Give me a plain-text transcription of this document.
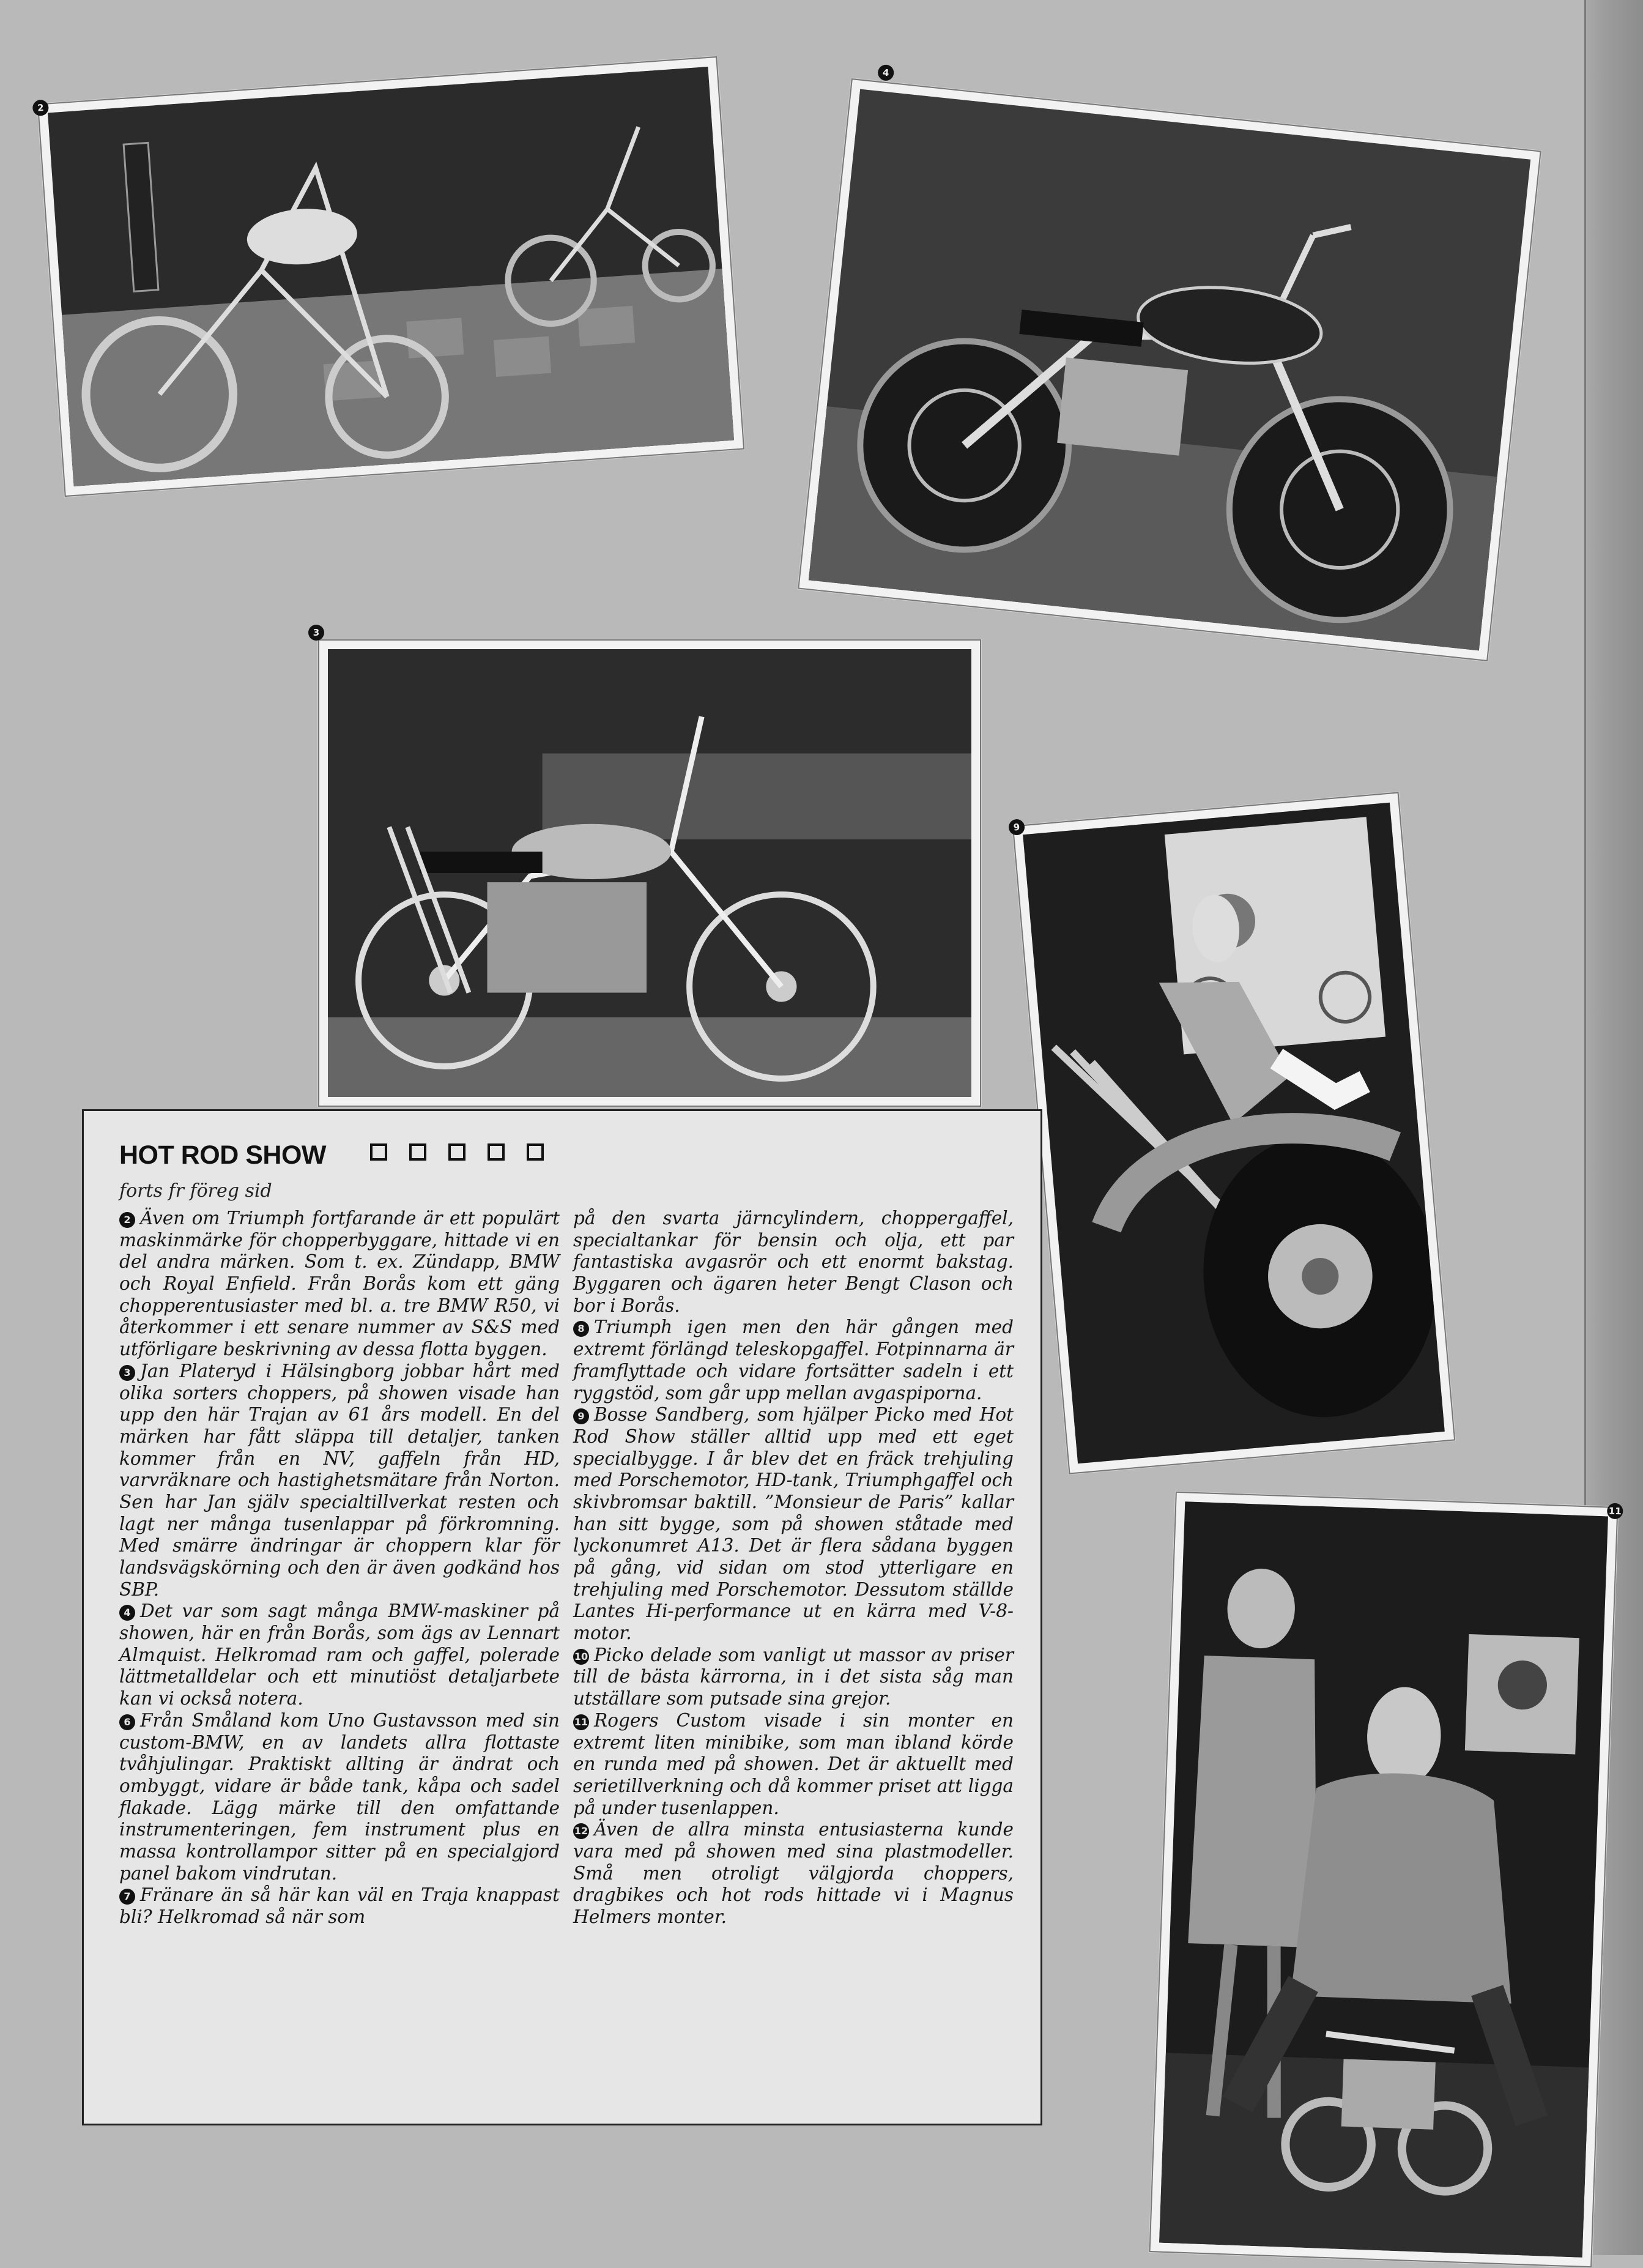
2
4
3
9
11
HOT ROD SHOW
forts fr föreg sid

2 Även om Triumph fortfarande är ett populärt maskinmärke för chopperbyggare, hittade vi en del andra märken. Som t. ex. Zündapp, BMW och Royal Enfield. Från Borås kom ett gäng chopperentusiaster med bl. a. tre BMW R50, vi återkommer i ett senare nummer av S&S med utförligare beskrivning av dessa flotta byggen.

3 Jan Plateryd i Hälsingborg jobbar hårt med olika sorters choppers, på showen visade han upp den här Trajan av 61 års modell. En del märken har fått släppa till detaljer, tanken kommer från en NV, gaffeln från HD, varvräknare och hastighetsmätare från Norton. Sen har Jan själv specialtillverkat resten och lagt ner många tusenlappar på förkromning. Med smärre ändringar är choppern klar för landsvägskörning och den är även godkänd hos SBP.

4 Det var som sagt många BMW-maskiner på showen, här en från Borås, som ägs av Lennart Almquist. Helkromad ram och gaffel, polerade lättmetalldelar och ett minutiöst detaljarbete kan vi också notera.

6 Från Småland kom Uno Gustavsson med sin custom-BMW, en av landets allra flottaste tvåhjulingar. Praktiskt allting är ändrat och ombyggt, vidare är både tank, kåpa och sadel flakade. Lägg märke till den omfattande instrumenteringen, fem instrument plus en massa kontrollampor sitter på en specialgjord panel bakom vindrutan.

7 Fränare än så här kan väl en Traja knappast bli? Helkromad så när som

på den svarta järncylindern, choppergaffel, specialtankar för bensin och olja, ett par fantastiska avgasrör och ett enormt bakstag. Byggaren och ägaren heter Bengt Clason och bor i Borås.

8 Triumph igen men den här gången med extremt förlängd teleskopgaffel. Fotpinnarna är framflyttade och vidare fortsätter sadeln i ett ryggstöd, som går upp mellan avgaspiporna.

9 Bosse Sandberg, som hjälper Picko med Hot Rod Show ställer alltid upp med ett eget specialbygge. I år blev det en fräck trehjuling med Porschemotor, HD-tank, Triumphgaffel och skivbromsar baktill. ”Monsieur de Paris” kallar han sitt bygge, som på showen ståtade med lyckonumret A13. Det är flera sådana byggen på gång, vid sidan om stod ytterligare en trehjuling med Porschemotor. Dessutom ställde Lantes Hi-performance ut en kärra med V-8-motor.

10 Picko delade som vanligt ut massor av priser till de bästa kärrorna, in i det sista såg man utställare som putsade sina grejor.

11 Rogers Custom visade i sin monter en extremt liten minibike, som man ibland körde en runda med på showen. Det är aktuellt med serietillverkning och då kommer priset att ligga på under tusenlappen.

12 Även de allra minsta entusiasterna kunde vara med på showen med sina plastmodeller. Små men otroligt välgjorda choppers, dragbikes och hot rods hittade vi i Magnus Helmers monter.
